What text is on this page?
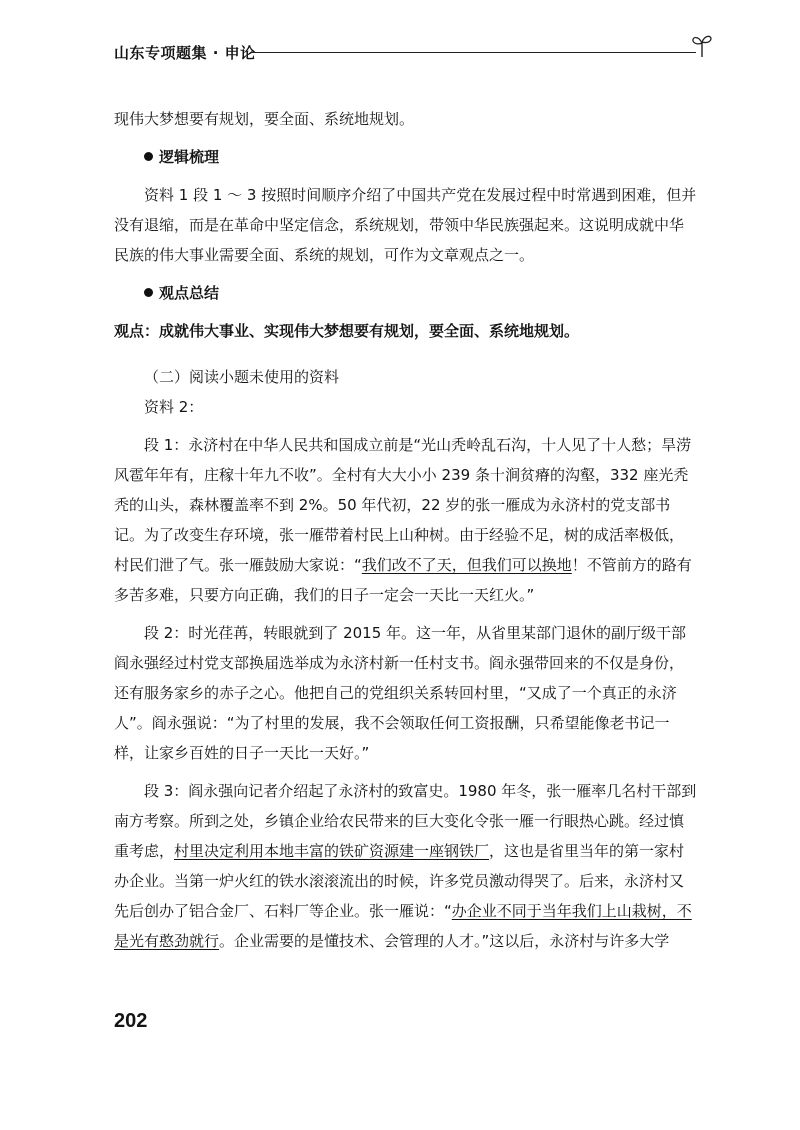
山东专项题集 · 申论

现伟大梦想要有规划，要全面、系统地规划。

逻辑梳理

资料 1 段 1 ～ 3 按照时间顺序介绍了中国共产党在发展过程中时常遇到困难，但并没有退缩，而是在革命中坚定信念，系统规划，带领中华民族强起来。这说明成就中华民族的伟大事业需要全面、系统的规划，可作为文章观点之一。

观点总结

观点：成就伟大事业、实现伟大梦想要有规划，要全面、系统地规划。

（二）阅读小题未使用的资料

资料 2：

段 1：永济村在中华人民共和国成立前是“光山秃岭乱石沟，十人见了十人愁；旱涝风雹年年有，庄稼十年九不收”。全村有大大小小 239 条十涧贫瘠的沟壑，332 座光秃秃的山头，森林覆盖率不到 2%。50 年代初，22 岁的张一雁成为永济村的党支部书记。为了改变生存环境，张一雁带着村民上山种树。由于经验不足，树的成活率极低，村民们泄了气。张一雁鼓励大家说：“我们改不了天，但我们可以换地！不管前方的路有多苦多难，只要方向正确，我们的日子一定会一天比一天红火。”

段 2：时光荏苒，转眼就到了 2015 年。这一年，从省里某部门退休的副厅级干部阎永强经过村党支部换届选举成为永济村新一任村支书。阎永强带回来的不仅是身份，还有服务家乡的赤子之心。他把自己的党组织关系转回村里，“又成了一个真正的永济人”。阎永强说：“为了村里的发展，我不会领取任何工资报酬，只希望能像老书记一样，让家乡百姓的日子一天比一天好。”

段 3：阎永强向记者介绍起了永济村的致富史。1980 年冬，张一雁率几名村干部到南方考察。所到之处，乡镇企业给农民带来的巨大变化令张一雁一行眼热心跳。经过慎重考虑，村里决定利用本地丰富的铁矿资源建一座钢铁厂，这也是省里当年的第一家村办企业。当第一炉火红的铁水滚滚流出的时候，许多党员激动得哭了。后来，永济村又先后创办了铝合金厂、石料厂等企业。张一雁说：“办企业不同于当年我们上山栽树，不是光有憨劲就行。企业需要的是懂技术、会管理的人才。”这以后，永济村与许多大学

202
